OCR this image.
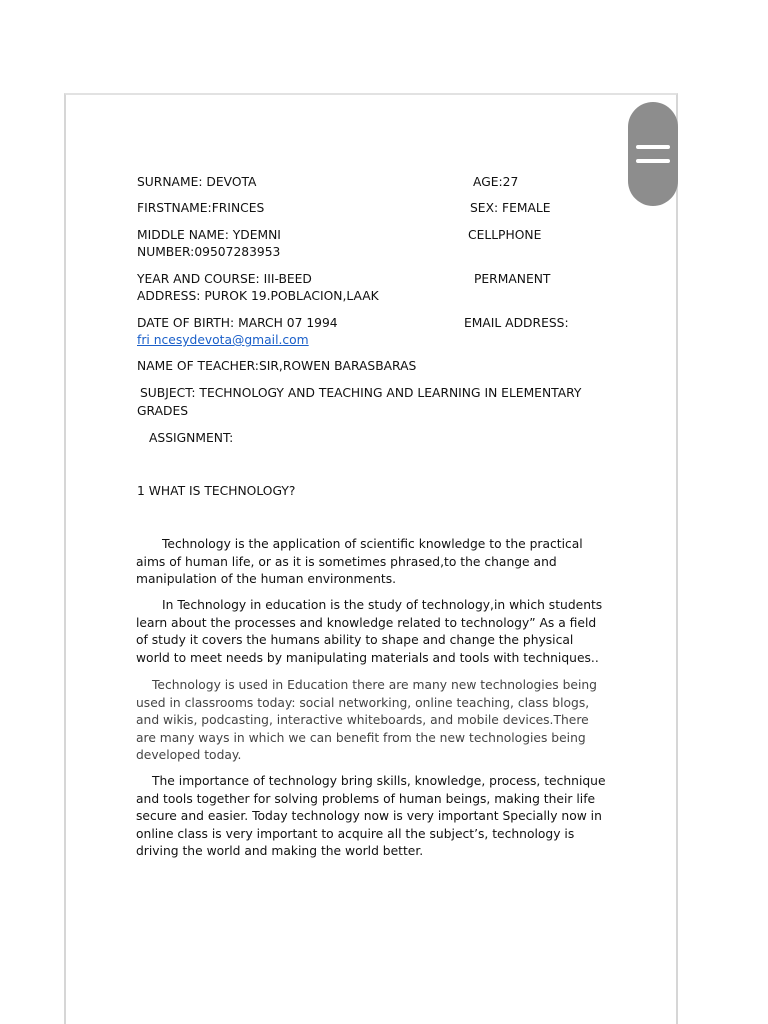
SURNAME: DEVOTA	AGE:27
FIRSTNAME:FRINCES	SEX: FEMALE
MIDDLE NAME: YDEMNI	CELLPHONE
NUMBER:09507283953
YEAR AND COURSE: III-BEED	PERMANENT
ADDRESS: PUROK 19.POBLACION,LAAK
DATE OF BIRTH: MARCH 07 1994	EMAIL ADDRESS:
fri ncesydevota@gmail.com
NAME OF TEACHER:SIR,ROWEN BARASBARAS
SUBJECT: TECHNOLOGY AND TEACHING AND LEARNING IN ELEMENTARY
GRADES
ASSIGNMENT:
1 WHAT IS TECHNOLOGY?
Technology is the application of scientific knowledge to the practical aims of human life, or as it is sometimes phrased,to the change and manipulation of the human environments.
In Technology in education is the study of technology,in which students learn about the processes and knowledge related to technology” As a field of study it covers the humans ability to shape and change the physical world to meet needs by manipulating materials and tools with techniques..
Technology is used in Education there are many new technologies being used in classrooms today: social networking, online teaching, class blogs, and wikis, podcasting, interactive whiteboards, and mobile devices.There are many ways in which we can benefit from the new technologies being developed today.
The importance of technology bring skills, knowledge, process, technique and tools together for solving problems of human beings, making their life secure and easier. Today technology now is very important Specially now in online class is very important to acquire all the subject’s, technology is driving the world and making the world better.
